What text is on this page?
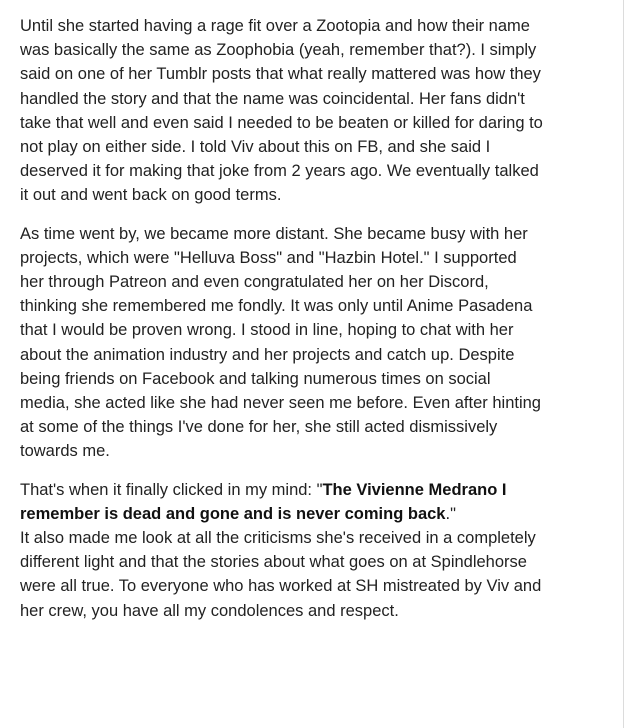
Until she started having a rage fit over a Zootopia and how their name
was basically the same as Zoophobia (yeah, remember that?). I simply
said on one of her Tumblr posts that what really mattered was how they
handled the story and that the name was coincidental. Her fans didn't
take that well and even said I needed to be beaten or killed for daring to
not play on either side. I told Viv about this on FB, and she said I
deserved it for making that joke from 2 years ago. We eventually talked
it out and went back on good terms.

As time went by, we became more distant. She became busy with her
projects, which were "Helluva Boss" and "Hazbin Hotel." I supported
her through Patreon and even congratulated her on her Discord,
thinking she remembered me fondly. It was only until Anime Pasadena
that I would be proven wrong. I stood in line, hoping to chat with her
about the animation industry and her projects and catch up. Despite
being friends on Facebook and talking numerous times on social
media, she acted like she had never seen me before. Even after hinting
at some of the things I've done for her, she still acted dismissively
towards me.

That's when it finally clicked in my mind: "The Vivienne Medrano I
remember is dead and gone and is never coming back."
It also made me look at all the criticisms she's received in a completely
different light and that the stories about what goes on at Spindlehorse
were all true. To everyone who has worked at SH mistreated by Viv and
her crew, you have all my condolences and respect.
